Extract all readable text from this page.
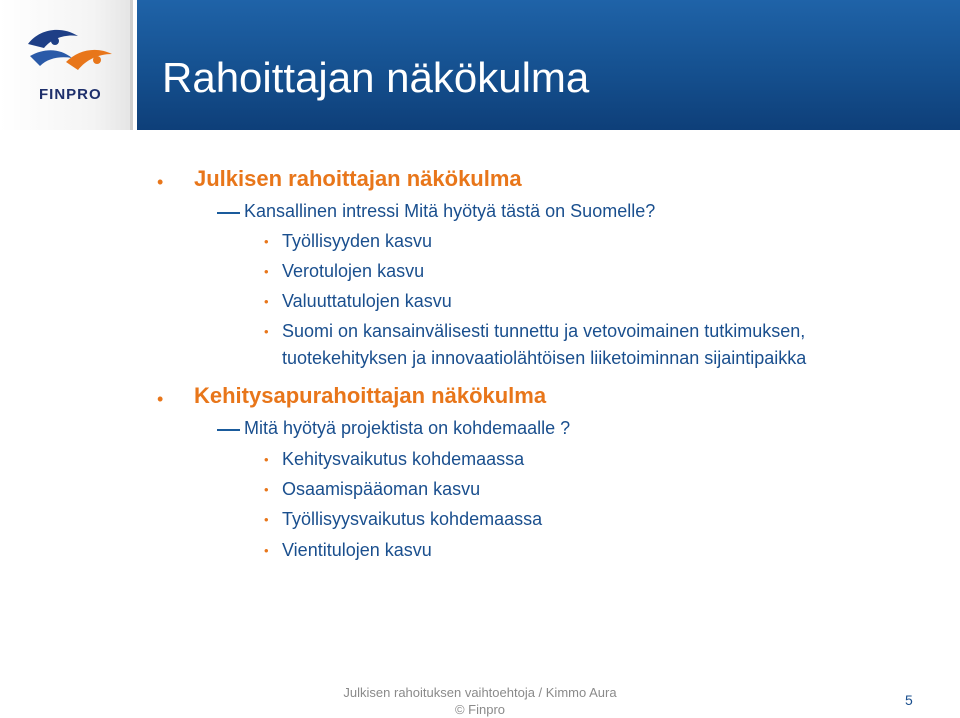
FINPRO Rahoittajan näkökulma
• Julkisen rahoittajan näkökulma
Kansallinen intressi Mitä hyötyä tästä on Suomelle?
• Työllisyyden kasvu
• Verotulojen kasvu
• Valuuttatulojen kasvu
• Suomi on kansainvälisesti tunnettu ja vetovoimainen tutkimuksen,
tuotekehityksen ja innovaatiolähtöisen liiketoiminnan sijaintipaikka
• Kehitysapurahoittajan näkökulma
Mitä hyötyä projektista on kohdemaalle ?
• Kehitysvaikutus kohdemaassa
• Osaamispääoman kasvu
• Työllisyysvaikutus kohdemaassa
• Vientitulojen kasvu
Julkisen rahoituksen vaihtoehtoja / Kimmo Aura
© Finpro
5
